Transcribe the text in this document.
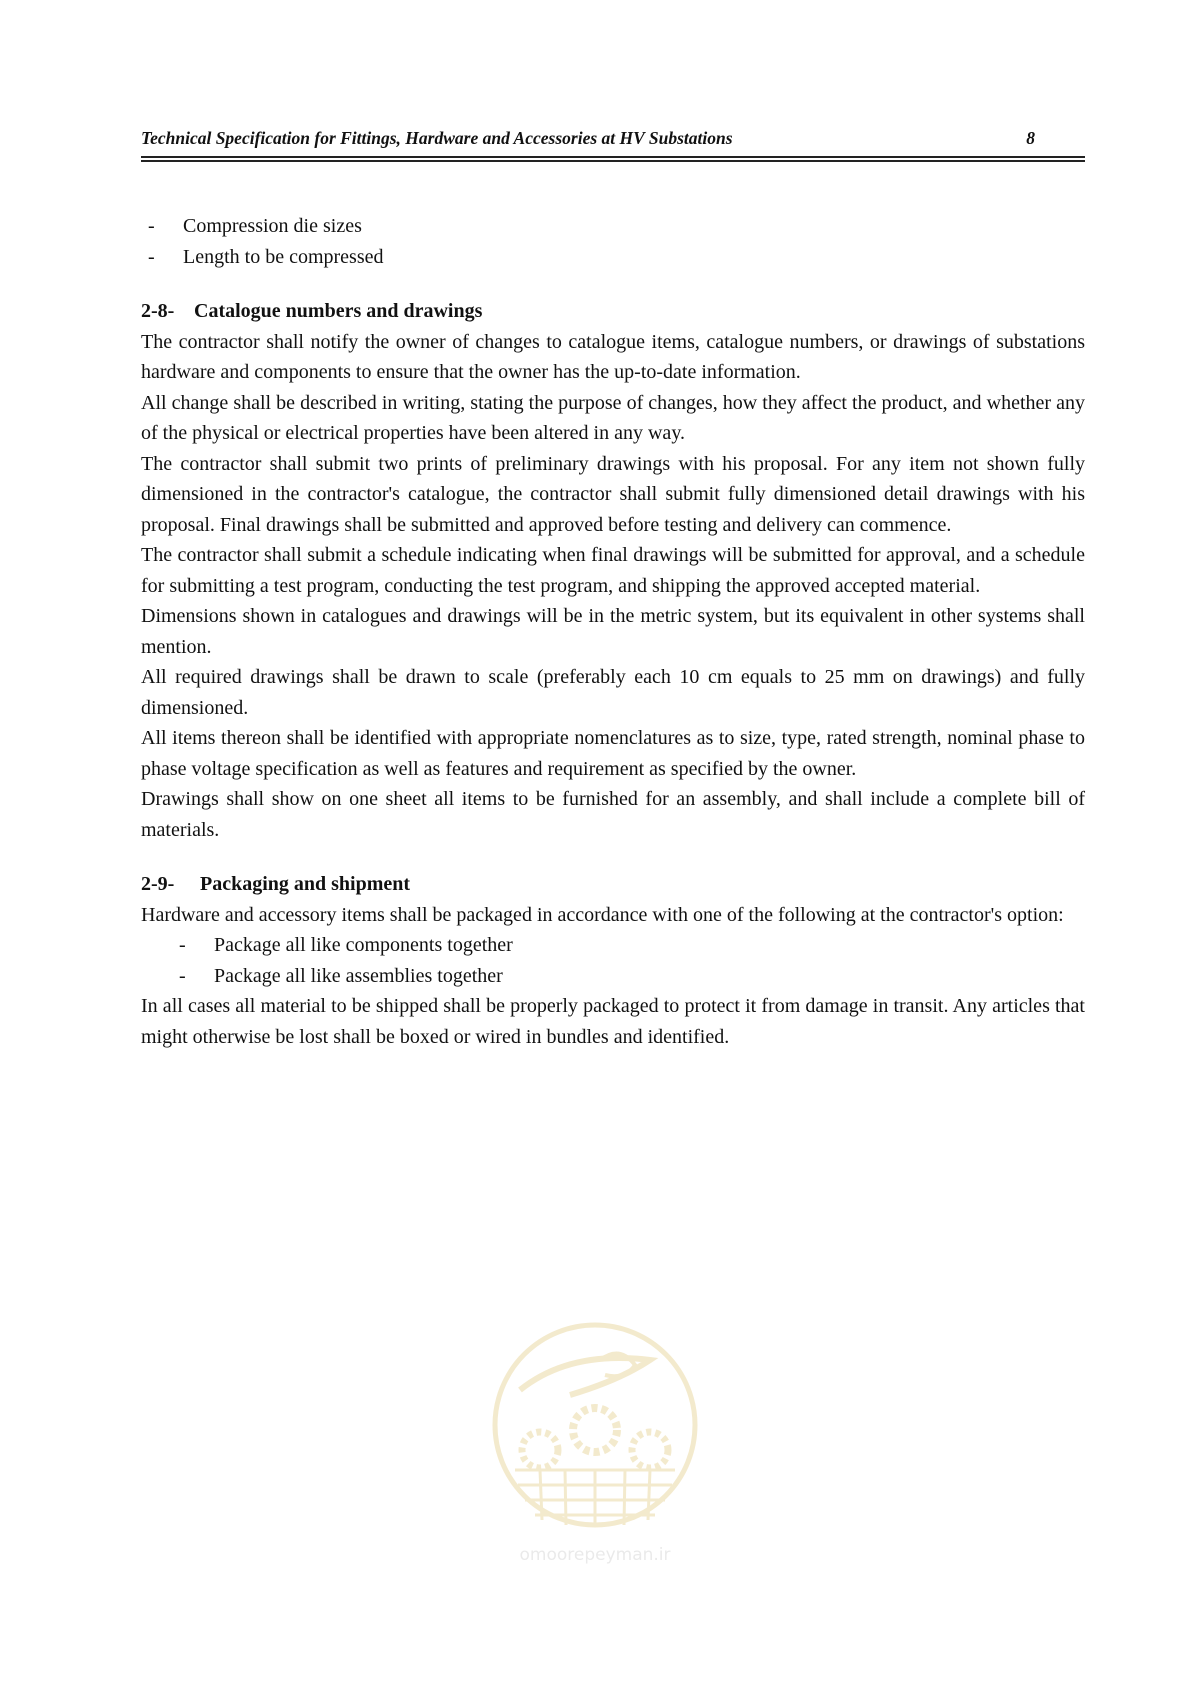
Technical Specification for Fittings, Hardware and Accessories at HV Substations	8
- Compression die sizes
- Length to be compressed
2-8- Catalogue numbers and drawings

The contractor shall notify the owner of changes to catalogue items, catalogue numbers, or drawings of substations hardware and components to ensure that the owner has the up-to-date information.

All change shall be described in writing, stating the purpose of changes, how they affect the product, and whether any of the physical or electrical properties have been altered in any way.

The contractor shall submit two prints of preliminary drawings with his proposal. For any item not shown fully dimensioned in the contractor's catalogue, the contractor shall submit fully dimensioned detail drawings with his proposal. Final drawings shall be submitted and approved before testing and delivery can commence.

The contractor shall submit a schedule indicating when final drawings will be submitted for approval, and a schedule for submitting a test program, conducting the test program, and shipping the approved accepted material.

Dimensions shown in catalogues and drawings will be in the metric system, but its equivalent in other systems shall mention.

All required drawings shall be drawn to scale (preferably each 10 cm equals to 25 mm on drawings) and fully dimensioned.

All items thereon shall be identified with appropriate nomenclatures as to size, type, rated strength, nominal phase to phase voltage specification as well as features and requirement as specified by the owner.

Drawings shall show on one sheet all items to be furnished for an assembly, and shall include a complete bill of materials.

2-9- Packaging and shipment

Hardware and accessory items shall be packaged in accordance with one of the following at the contractor's option:

- Package all like components together
- Package all like assemblies together

In all cases all material to be shipped shall be properly packaged to protect it from damage in transit. Any articles that might otherwise be lost shall be boxed or wired in bundles and identified.

omoorepeyman.ir
